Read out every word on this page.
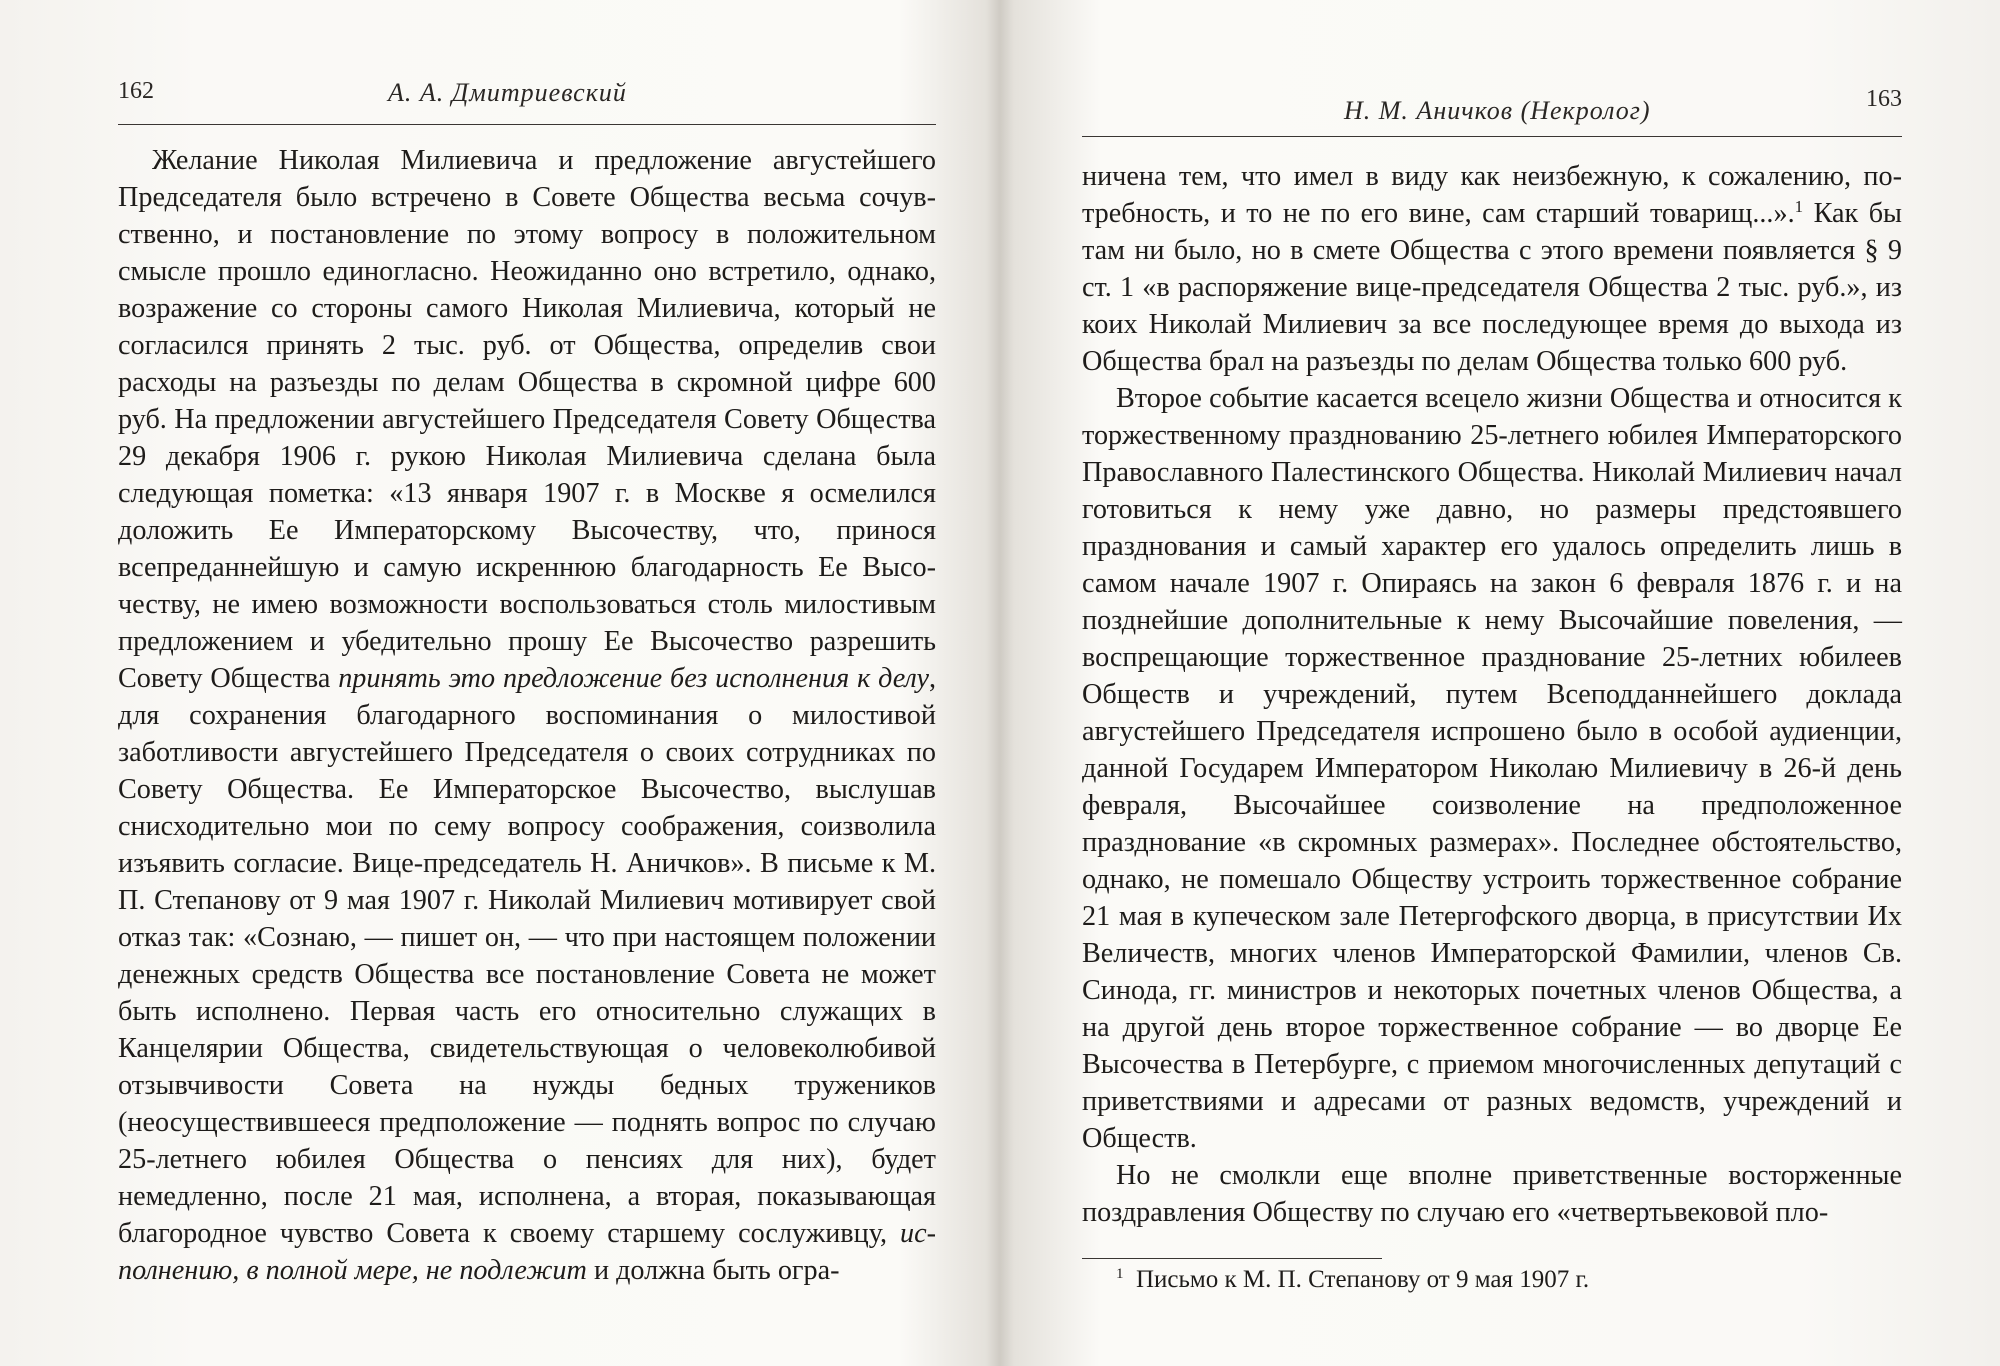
162	А. А. Дмитриевский

Желание Николая Милиевича и предложение августейшего Председателя было встречено в Совете Общества весьма сочувственно, и постановление по этому вопросу в положительном смысле прошло единогласно. Неожиданно оно встретило, однако, возражение со стороны самого Николая Милиевича, который не согласился принять 2 тыс. руб. от Общества, определив свои расходы на разъезды по делам Общества в скромной цифре 600 руб. На предложении августейшего Председателя Совету Общества 29 декабря 1906 г. рукою Николая Милиевича сделана была следующая пометка: «13 января 1907 г. в Москве я осмелился доложить Ее Императорскому Высочеству, что, принося всепреданнейшую и самую искреннюю благодарность Ее Высочеству, не имею возможности воспользоваться столь милостивым предложением и убедительно прошу Ее Высочество разрешить Совету Общества принять это предложение без исполнения к делу, для сохранения благодарного воспоминания о милостивой заботливости августейшего Председателя о своих сотрудниках по Совету Общества. Ее Императорское Высочество, выслушав снисходительно мои по сему вопросу соображения, соизволила изъявить согласие. Вице-председатель Н. Аничков». В письме к М. П. Степанову от 9 мая 1907 г. Николай Милиевич мотивирует свой отказ так: «Сознаю, — пишет он, — что при настоящем положении денежных средств Общества все постановление Совета не может быть исполнено. Первая часть его относительно служащих в Канцелярии Общества, свидетельствующая о человеколюбивой отзывчивости Совета на нужды бедных тружеников (неосуществившееся предположение — поднять вопрос по случаю 25-летнего юбилея Общества о пенсиях для них), будет немедленно, после 21 мая, исполнена, а вторая, показывающая благородное чувство Совета к своему старшему сослуживцу, исполнению, в полной мере, не подлежит и должна быть огра-

163
Н. М. Аничков (Некролог)

ничена тем, что имел в виду как неизбежную, к сожалению, потребность, и то не по его вине, сам старший товарищ...».$^1$ Как бы там ни было, но в смете Общества с этого времени появляется § 9 ст. 1 «в распоряжение вице-председателя Общества 2 тыс. руб.», из коих Николай Милиевич за все последующее время до выхода из Общества брал на разъезды по делам Общества только 600 руб.

Второе событие касается всецело жизни Общества и относится к торжественному празднованию 25-летнего юбилея Императорского Православного Палестинского Общества. Николай Милиевич начал готовиться к нему уже давно, но размеры предстоявшего празднования и самый характер его удалось определить лишь в самом начале 1907 г. Опираясь на закон 6 февраля 1876 г. и на позднейшие дополнительные к нему Высочайшие повеления, — воспрещающие торжественное празднование 25-летних юбилеев Обществ и учреждений, путем Всеподданнейшего доклада августейшего Председателя испрошено было в особой аудиенции, данной Государем Императором Николаю Милиевичу в 26-й день февраля, Высочайшее соизволение на предположенное празднование «в скромных размерах». Последнее обстоятельство, однако, не помешало Обществу устроить торжественное собрание 21 мая в купеческом зале Петергофского дворца, в присутствии Их Величеств, многих членов Императорской Фамилии, членов Св. Синода, гг. министров и некоторых почетных членов Общества, а на другой день второе торжественное собрание — во дворце Ее Высочества в Петербурге, с приемом многочисленных депутаций с приветствиями и адресами от разных ведомств, учреждений и Обществ.

Но не смолкли еще вполне приветственные восторженные поздравления Обществу по случаю его «четвертьвековой пло-

$^1$ Письмо к М. П. Степанову от 9 мая 1907 г.
